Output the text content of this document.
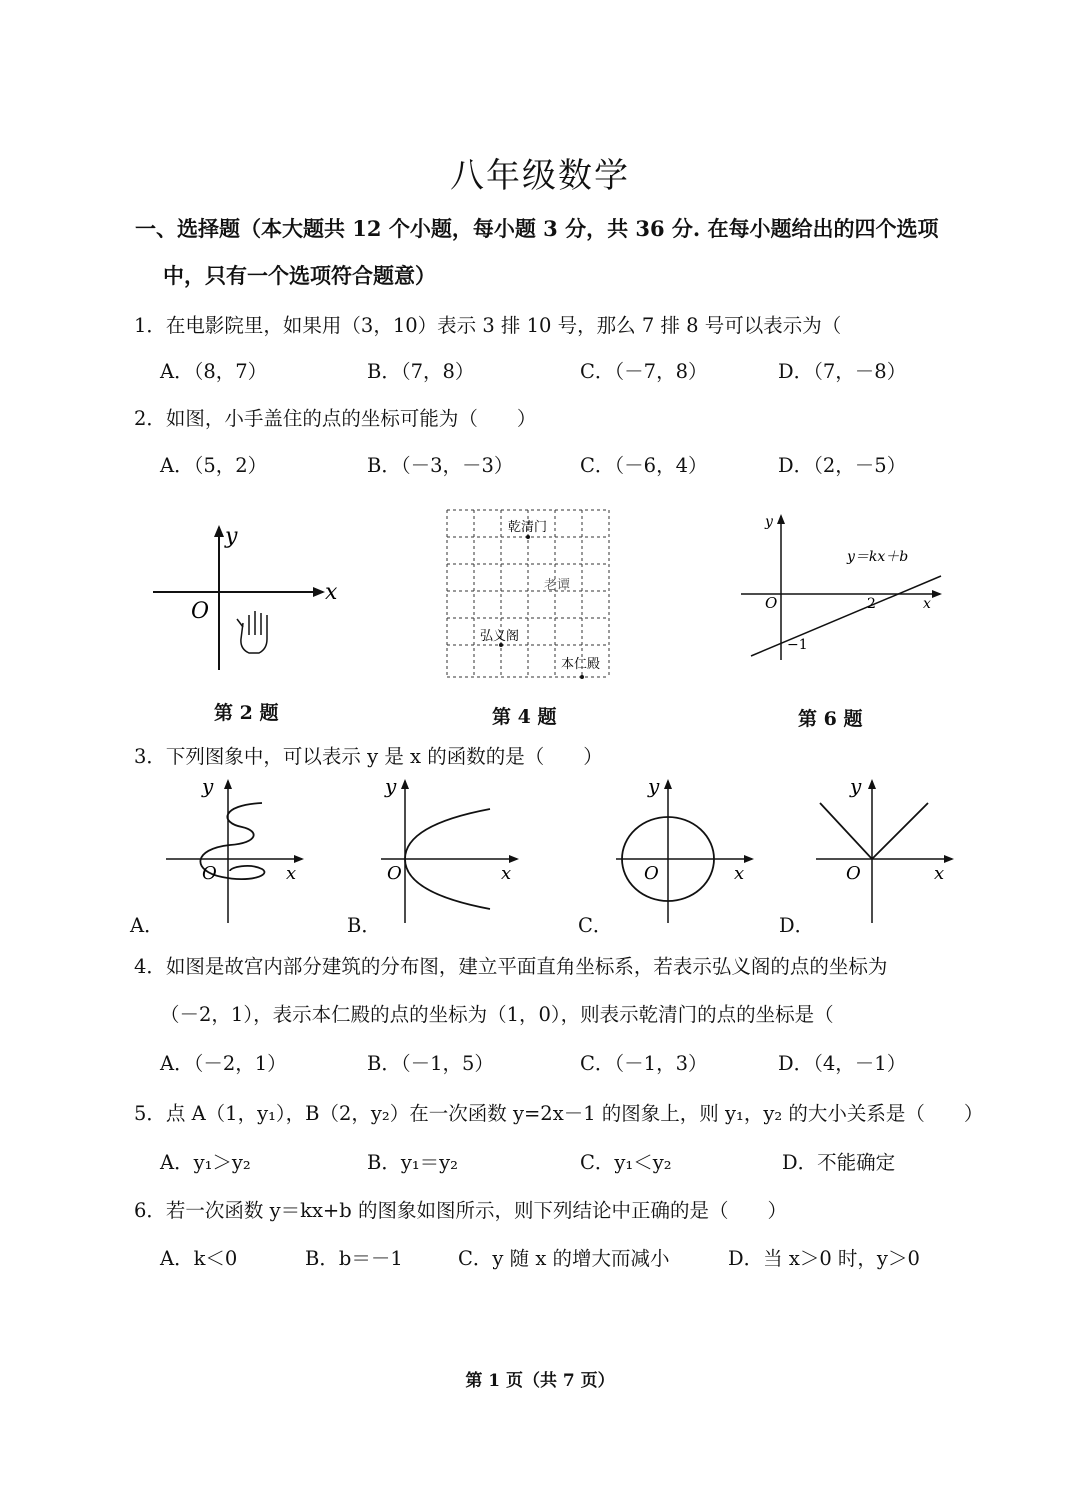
八年级数学
一、选择题（本大题共 12 个小题，每小题 3 分，共 36 分. 在每小题给出的四个选项
中，只有一个选项符合题意）
1．在电影院里，如果用（3，10）表示 3 排 10 号，那么 7 排 8 号可以表示为（
A．（8，7）	B．（7，8）	C．（－7，8）	D．（7，－8）
2．如图，小手盖住的点的坐标可能为（　　）
A．（5，2）	B．（－3，－3）	C．（－6，4）	D．（2，－5）
x
y
O
第 2 题
乾清门
老谭
弘义阁
本仁殿
第 4 题
y
x
O	2
−1
y＝kx＋b
第 6 题
3．下列图象中，可以表示 y 是 x 的函数的是（　　）
y
x
O
A．
y
x
O
B．
y
x
O
C．
y
x
O
D．
4．如图是故宫内部分建筑的分布图，建立平面直角坐标系，若表示弘义阁的点的坐标为
（－2，1），表示本仁殿的点的坐标为（1，0），则表示乾清门的点的坐标是（
A．（－2，1）	B．（－1，5）	C．（－1，3）	D．（4，－1）
5．点 A（1，y₁），B（2，y₂）在一次函数 y=2x－1 的图象上，则 y₁，y₂ 的大小关系是（　　）
A．y₁＞y₂	B．y₁＝y₂	C．y₁＜y₂	D．不能确定
6．若一次函数 y＝kx+b 的图象如图所示，则下列结论中正确的是（　　）
A．k＜0	B．b＝－1	C．y 随 x 的增大而减小	D．当 x＞0 时，y＞0
第 1 页（共 7 页）
